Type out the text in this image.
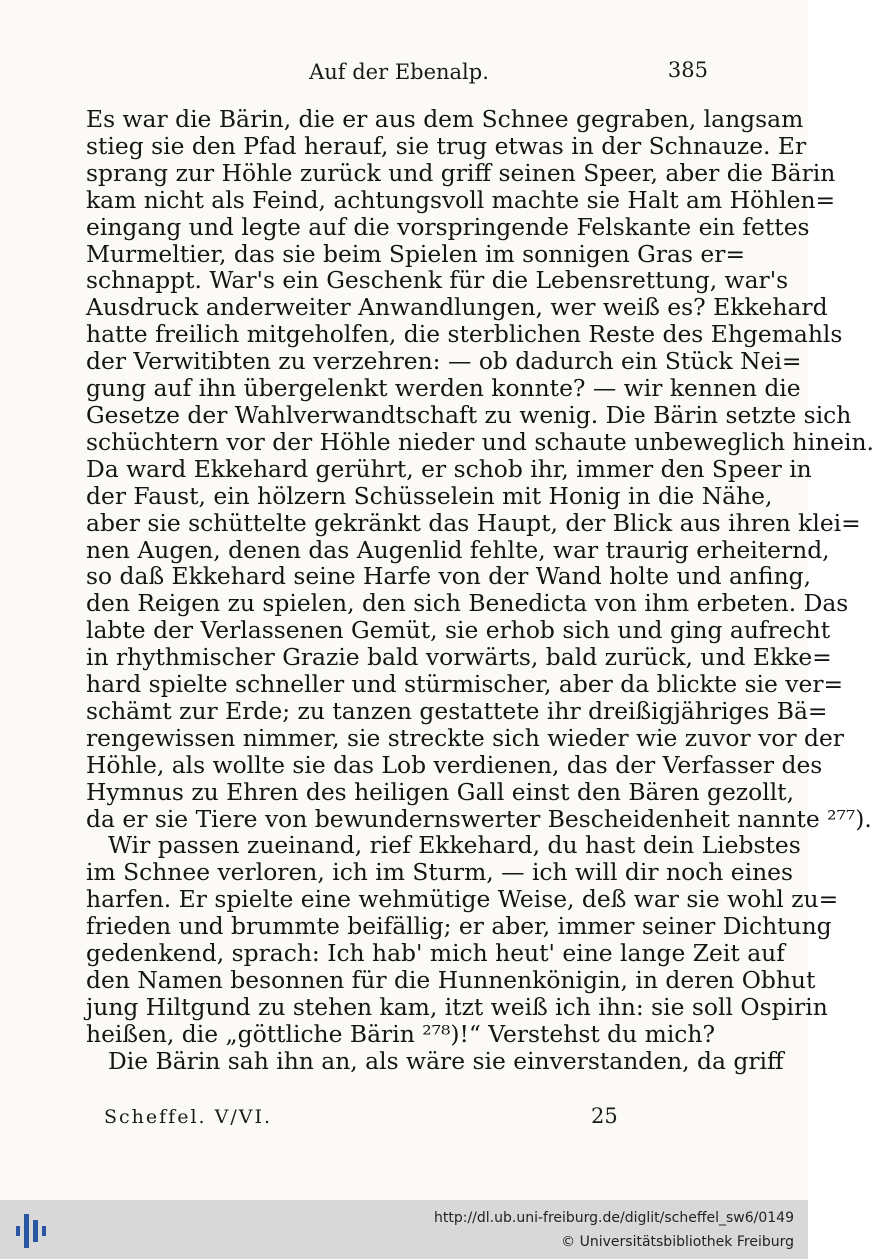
Auf der Ebenalp.	385
Es war die Bärin, die er aus dem Schnee gegraben, langsam
stieg sie den Pfad herauf, sie trug etwas in der Schnauze. Er
sprang zur Höhle zurück und griff seinen Speer, aber die Bärin
kam nicht als Feind, achtungsvoll machte sie Halt am Höhlen=
eingang und legte auf die vorspringende Felskante ein fettes
Murmeltier, das sie beim Spielen im sonnigen Gras er=
schnappt. War's ein Geschenk für die Lebensrettung, war's
Ausdruck anderweiter Anwandlungen, wer weiß es? Ekkehard
hatte freilich mitgeholfen, die sterblichen Reste des Ehgemahls
der Verwitibten zu verzehren: — ob dadurch ein Stück Nei=
gung auf ihn übergelenkt werden konnte? — wir kennen die
Gesetze der Wahlverwandtschaft zu wenig. Die Bärin setzte sich
schüchtern vor der Höhle nieder und schaute unbeweglich hinein.
Da ward Ekkehard gerührt, er schob ihr, immer den Speer in
der Faust, ein hölzern Schüsselein mit Honig in die Nähe,
aber sie schüttelte gekränkt das Haupt, der Blick aus ihren klei=
nen Augen, denen das Augenlid fehlte, war traurig erheiternd,
so daß Ekkehard seine Harfe von der Wand holte und anfing,
den Reigen zu spielen, den sich Benedicta von ihm erbeten. Das
labte der Verlassenen Gemüt, sie erhob sich und ging aufrecht
in rhythmischer Grazie bald vorwärts, bald zurück, und Ekke=
hard spielte schneller und stürmischer, aber da blickte sie ver=
schämt zur Erde; zu tanzen gestattete ihr dreißigjähriges Bä=
rengewissen nimmer, sie streckte sich wieder wie zuvor vor der
Höhle, als wollte sie das Lob verdienen, das der Verfasser des
Hymnus zu Ehren des heiligen Gall einst den Bären gezollt,
da er sie Tiere von bewundernswerter Bescheidenheit nannte ²⁷⁷).
Wir passen zueinand, rief Ekkehard, du hast dein Liebstes
im Schnee verloren, ich im Sturm, — ich will dir noch eines
harfen. Er spielte eine wehmütige Weise, deß war sie wohl zu=
frieden und brummte beifällig; er aber, immer seiner Dichtung
gedenkend, sprach: Ich hab' mich heut' eine lange Zeit auf
den Namen besonnen für die Hunnenkönigin, in deren Obhut
jung Hiltgund zu stehen kam, itzt weiß ich ihn: sie soll Ospirin
heißen, die „göttliche Bärin ²⁷⁸)!“ Verstehst du mich?
Die Bärin sah ihn an, als wäre sie einverstanden, da griff
Scheffel. V/VI.	25
http://dl.ub.uni-freiburg.de/diglit/scheffel_sw6/0149
© Universitätsbibliothek Freiburg
